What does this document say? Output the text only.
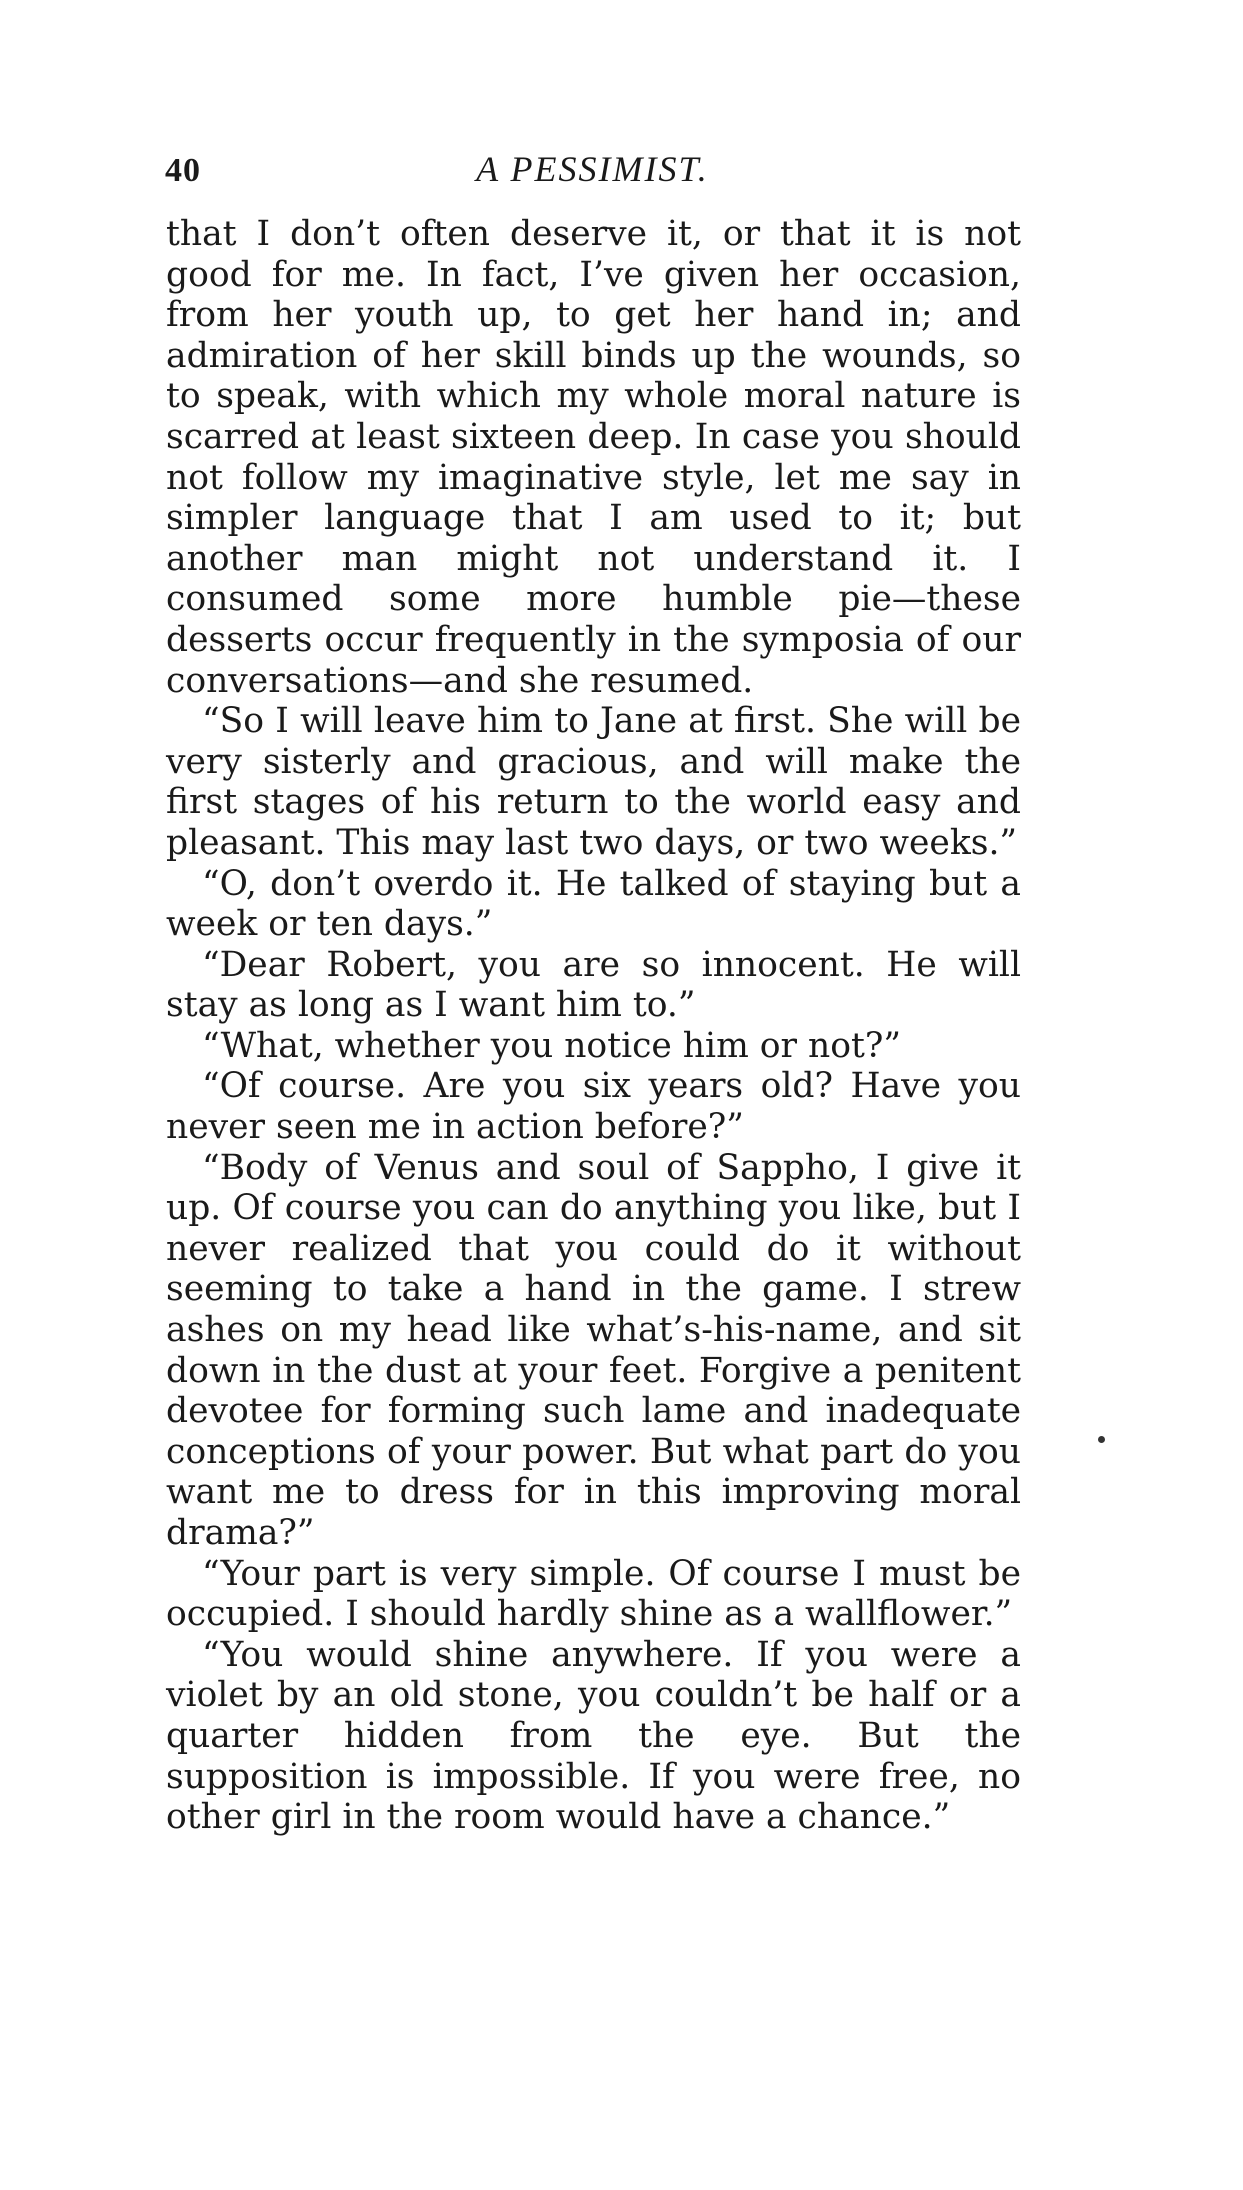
40	A PESSIMIST.

that I don’t often deserve it, or that it is not good for me. In fact, I’ve given her occasion, from her youth up, to get her hand in; and admiration of her skill binds up the wounds, so to speak, with which my whole moral nature is scarred at least sixteen deep. In case you should not follow my imaginative style, let me say in simpler language that I am used to it; but another man might not understand it. I consumed some more humble pie—these desserts occur frequently in the symposia of our conversations—and she resumed.

“So I will leave him to Jane at first. She will be very sisterly and gracious, and will make the first stages of his return to the world easy and pleasant. This may last two days, or two weeks.”

“O, don’t overdo it. He talked of staying but a week or ten days.”

“Dear Robert, you are so innocent. He will stay as long as I want him to.”

“What, whether you notice him or not?”

“Of course. Are you six years old? Have you never seen me in action before?”

“Body of Venus and soul of Sappho, I give it up. Of course you can do anything you like, but I never realized that you could do it without seeming to take a hand in the game. I strew ashes on my head like what’s-his-name, and sit down in the dust at your feet. Forgive a penitent devotee for forming such lame and inadequate conceptions of your power. But what part do you want me to dress for in this improving moral drama?”

“Your part is very simple. Of course I must be occupied. I should hardly shine as a wallflower.”

“You would shine anywhere. If you were a violet by an old stone, you couldn’t be half or a quarter hidden from the eye. But the supposition is impossible. If you were free, no other girl in the room would have a chance.”
